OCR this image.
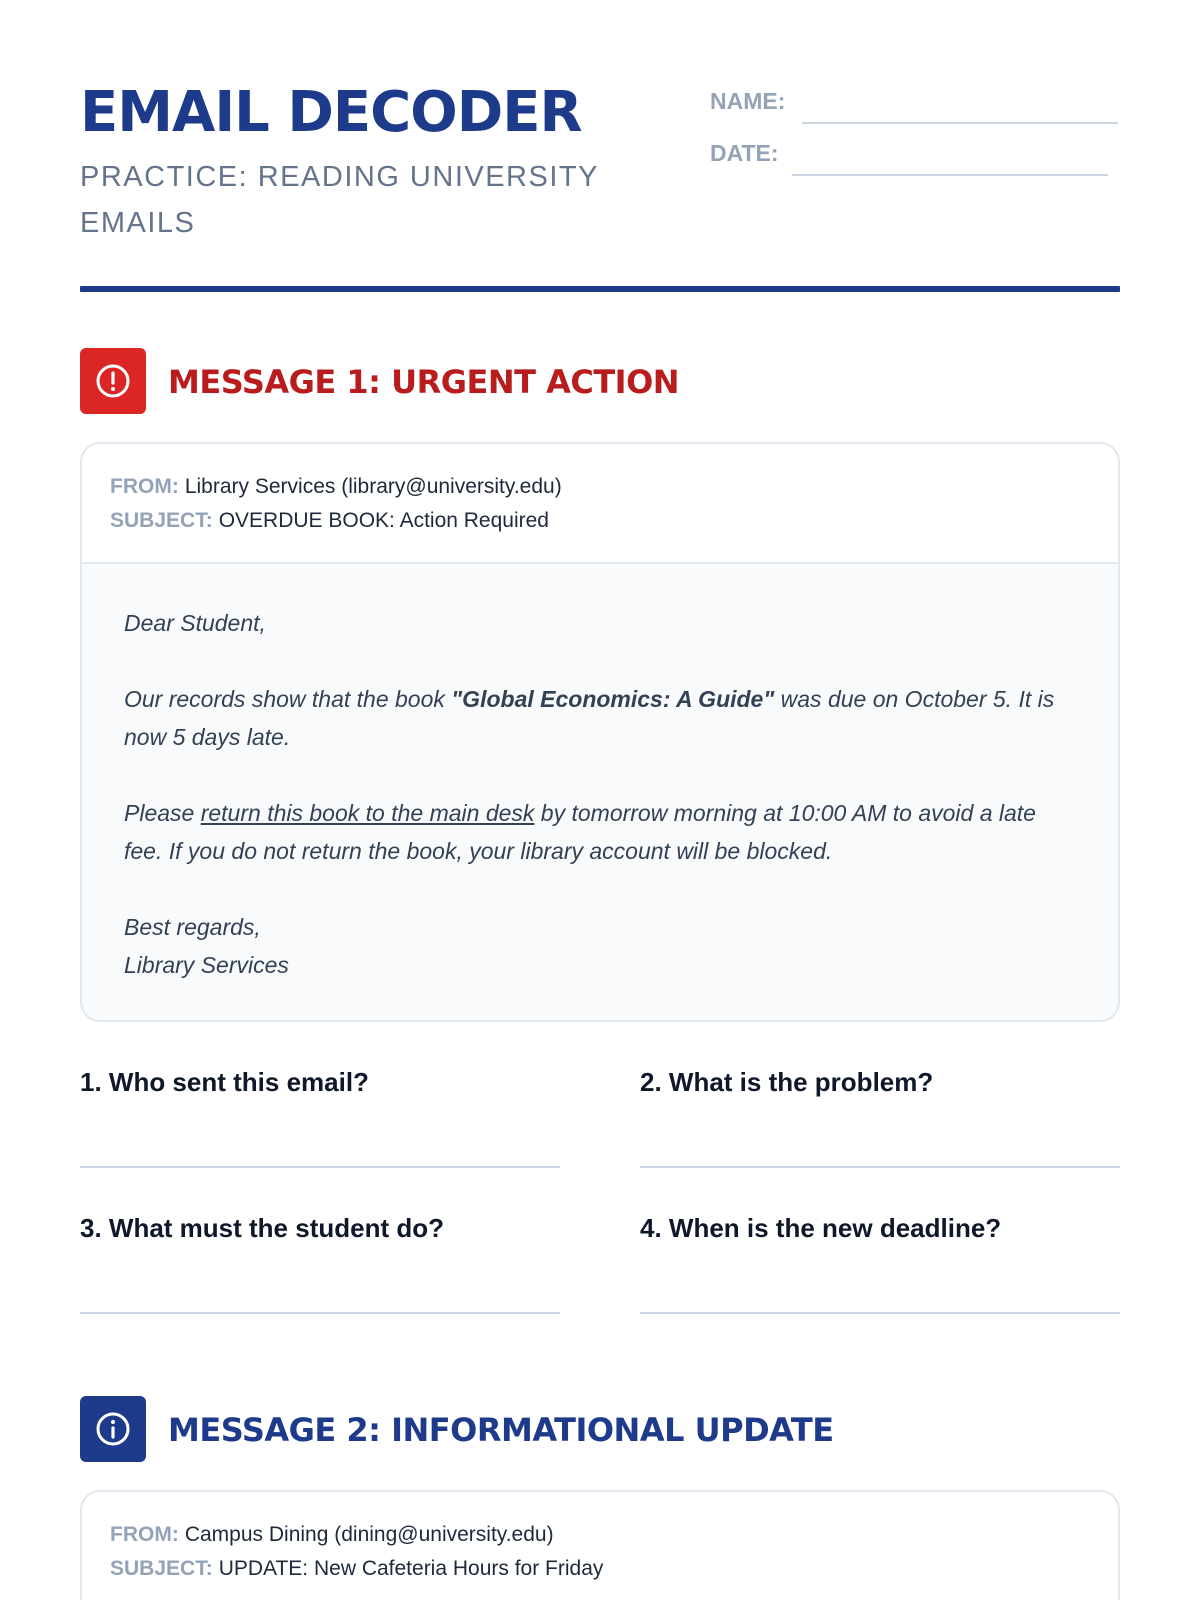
EMAIL DECODER
PRACTICE: READING UNIVERSITY EMAILS
NAME:
DATE:
MESSAGE 1: URGENT ACTION
FROM: Library Services (library@university.edu)
SUBJECT: OVERDUE BOOK: Action Required

Dear Student,

Our records show that the book "Global Economics: A Guide" was due on October 5. It is now 5 days late.

Please return this book to the main desk by tomorrow morning at 10:00 AM to avoid a late fee. If you do not return the book, your library account will be blocked.

Best regards,
Library Services

1. Who sent this email?	2. What is the problem?
3. What must the student do?	4. When is the new deadline?
MESSAGE 2: INFORMATIONAL UPDATE
FROM: Campus Dining (dining@university.edu)
SUBJECT: UPDATE: New Cafeteria Hours for Friday
